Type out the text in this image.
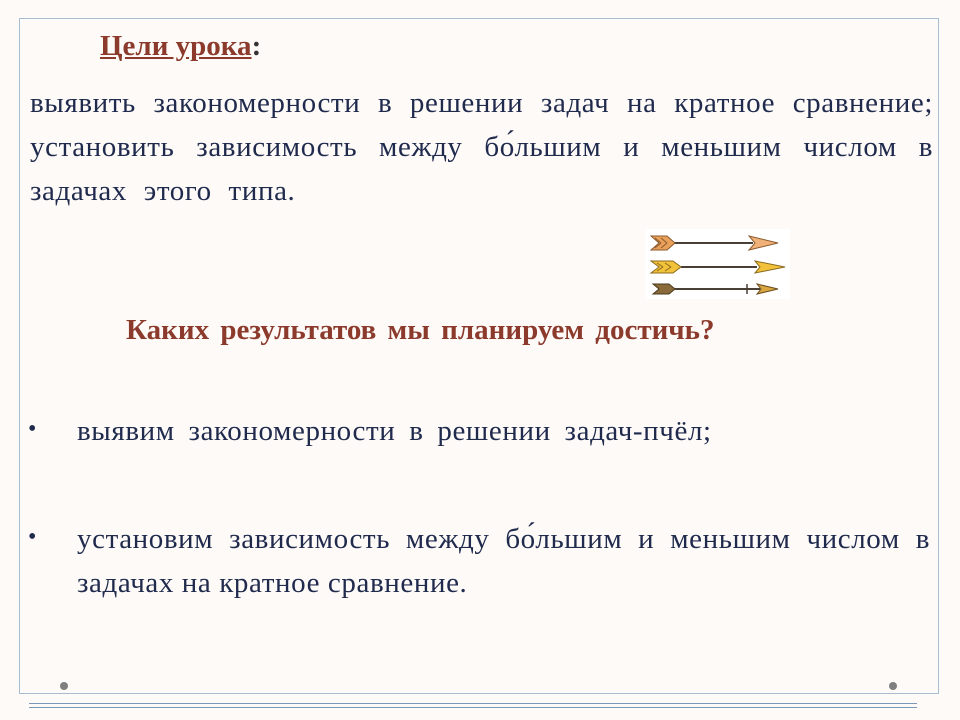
Цели урока:
выявить закономерности в решении задач на кратное сравнение; установить зависимость между бо́льшим и меньшим числом в задачах этого типа.
Каких результатов мы планируем достичь?
• выявим закономерности в решении задач-пчёл;
• установим зависимость между бо́льшим и меньшим числом в задачах на кратное сравнение.
